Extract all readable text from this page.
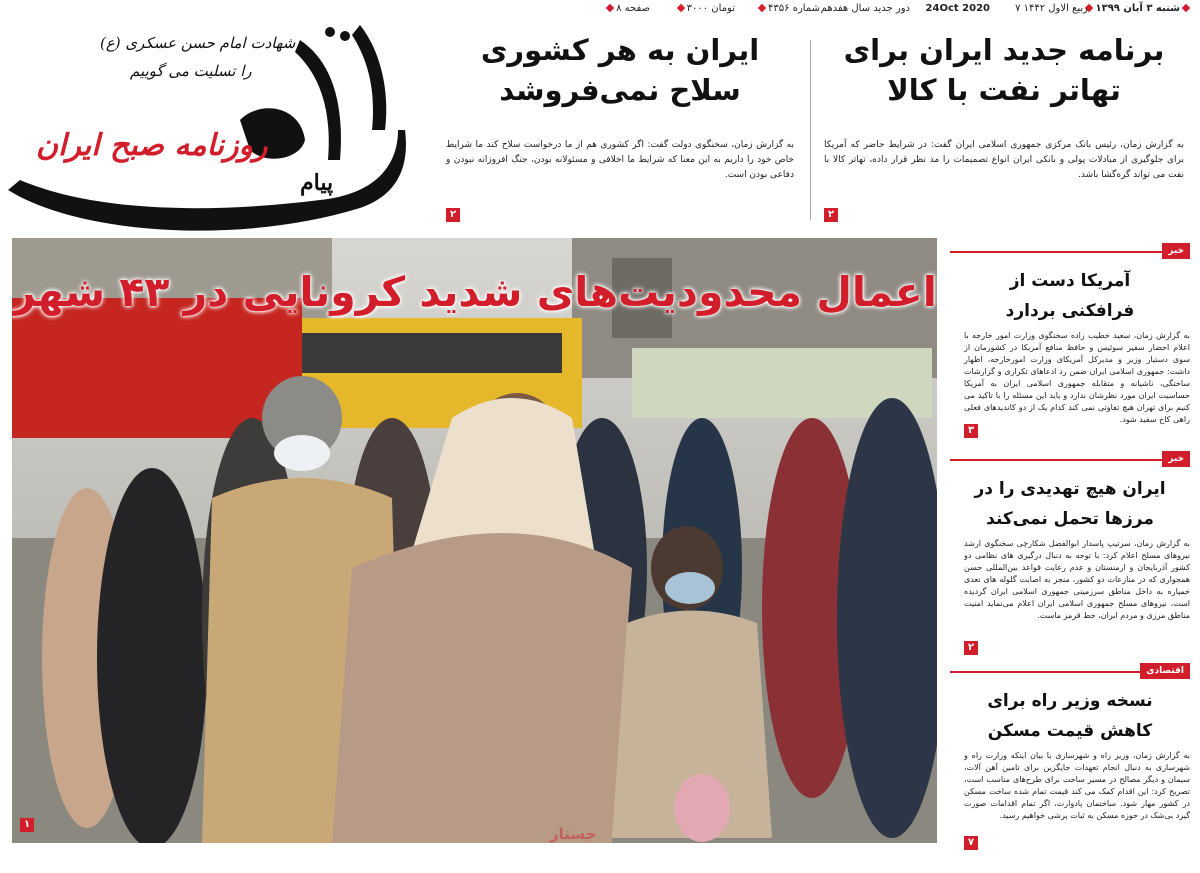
شنبه ۳ آبان ۱۳۹۹
۷ ربیع الاول ۱۴۴۲
24Oct 2020
دور جدید سال هفدهم
شماره ۴۳۵۶
۳۰۰۰ تومان
۸ صفحه
پیام
روزنامه صبح ایران
شهادت امام حسن عسکری (ع)
را تسلیت می گوییم
برنامه جدید ایران برای
تهاتر نفت با کالا
به گزارش زمان، رئیس بانک مرکزی جمهوری اسلامی ایران گفت: در شرایط حاضر که آمریکا برای جلوگیری از مبادلات پولی و بانکی ایران انواع تصمیمات را مد نظر قرار داده، تهاتر کالا با نفت می تواند گره‌گشا باشد.
۲
ایران به هر کشوری
سلاح نمی‌فروشد
به گزارش زمان، سخنگوی دولت گفت: اگر کشوری هم از ما درخواست سلاح کند ما شرایط خاص خود را داریم به این معنا که شرایط ما اخلاقی و مسئولانه بودن، جنگ افروزانه نبودن و دفاعی بودن است.
۲
اعمال محدودیت‌های شدید کرونایی در ۴۳ شهر
۱
جستار
خبر
آمریکا دست از
فرافکنی بردارد
به گزارش زمان، سعید خطیب زاده سخنگوی وزارت امور خارجه با اعلام احضار سفیر سوئیس و حافظ منافع آمریکا در کشورمان از سوی دستیار وزیر و مدیرکل آمریکای وزارت امورخارجه، اظهار داشت: جمهوری اسلامی ایران ضمن رد ادعاهای تکراری و گزارشات ساختگی، ناشیانه و متقابله جمهوری اسلامی ایران به آمریکا حساسیت ایران مورد نظرشان ندارد و باید این مسئله را با تاکید می کنیم برای تهران هیچ تفاوتی نمی کند کدام یک از دو کاندیدهای فعلی راهی کاخ سفید شود.
۳
خبر
ایران هیچ تهدیدی را در
مرزها تحمل نمی‌کند
به گزارش زمان، سرتیپ پاسدار ابوالفضل شکارچی سخنگوی ارشد نیروهای مسلح اعلام کرد: با توجه به دنبال درگیری های نظامی دو کشور آذربایجان و ارمنستان و عدم رعایت قواعد بین‌المللی حسن همجواری که در منازعات دو کشور، منجر به اصابت گلوله های تعدی خمپاره به داخل مناطق سرزمینی جمهوری اسلامی ایران گردیده است، نیروهای مسلح جمهوری اسلامی ایران اعلام می‌نماید امنیت مناطق مرزی و مردم ایران، خط قرمز ماست.
۲
اقتصادی
نسخه وزیر راه برای
کاهش قیمت مسکن
به گزارش زمان، وزیر راه و شهرسازی با بیان اینکه وزارت راه و شهرسازی به دنبال انجام تعهدات جایگزین برای تامین آهن آلات، سیمان و دیگر مصالح در مسیر ساخت برای طرح‌های مناسب است، تصریح کرد: این اقدام کمک می کند قیمت تمام شده ساخت مسکن در کشور مهار شود. ساختمان پادوارت، اگر تمام اقدامات صورت گیرد بی‌شک در حوزه مسکن به ثبات پرشی خواهیم رسید.
۷
